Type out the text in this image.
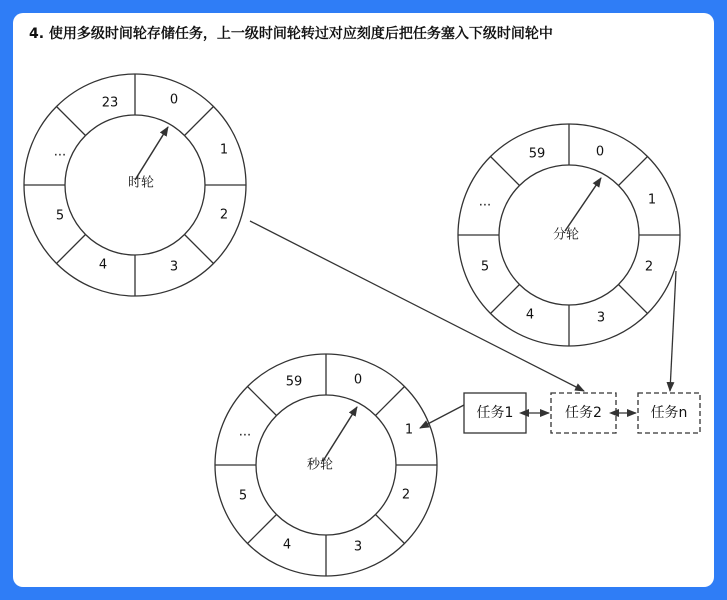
4. 使用多级时间轮存储任务，上一级时间轮转过对应刻度后把任务塞入下级时间轮中
23	0
1
2
3
4
5
...
时轮
59	0
1
2
3
4
5
...
分轮
59	0
1
2
3
4
5
...
秒轮
任务1	任务2	任务n
